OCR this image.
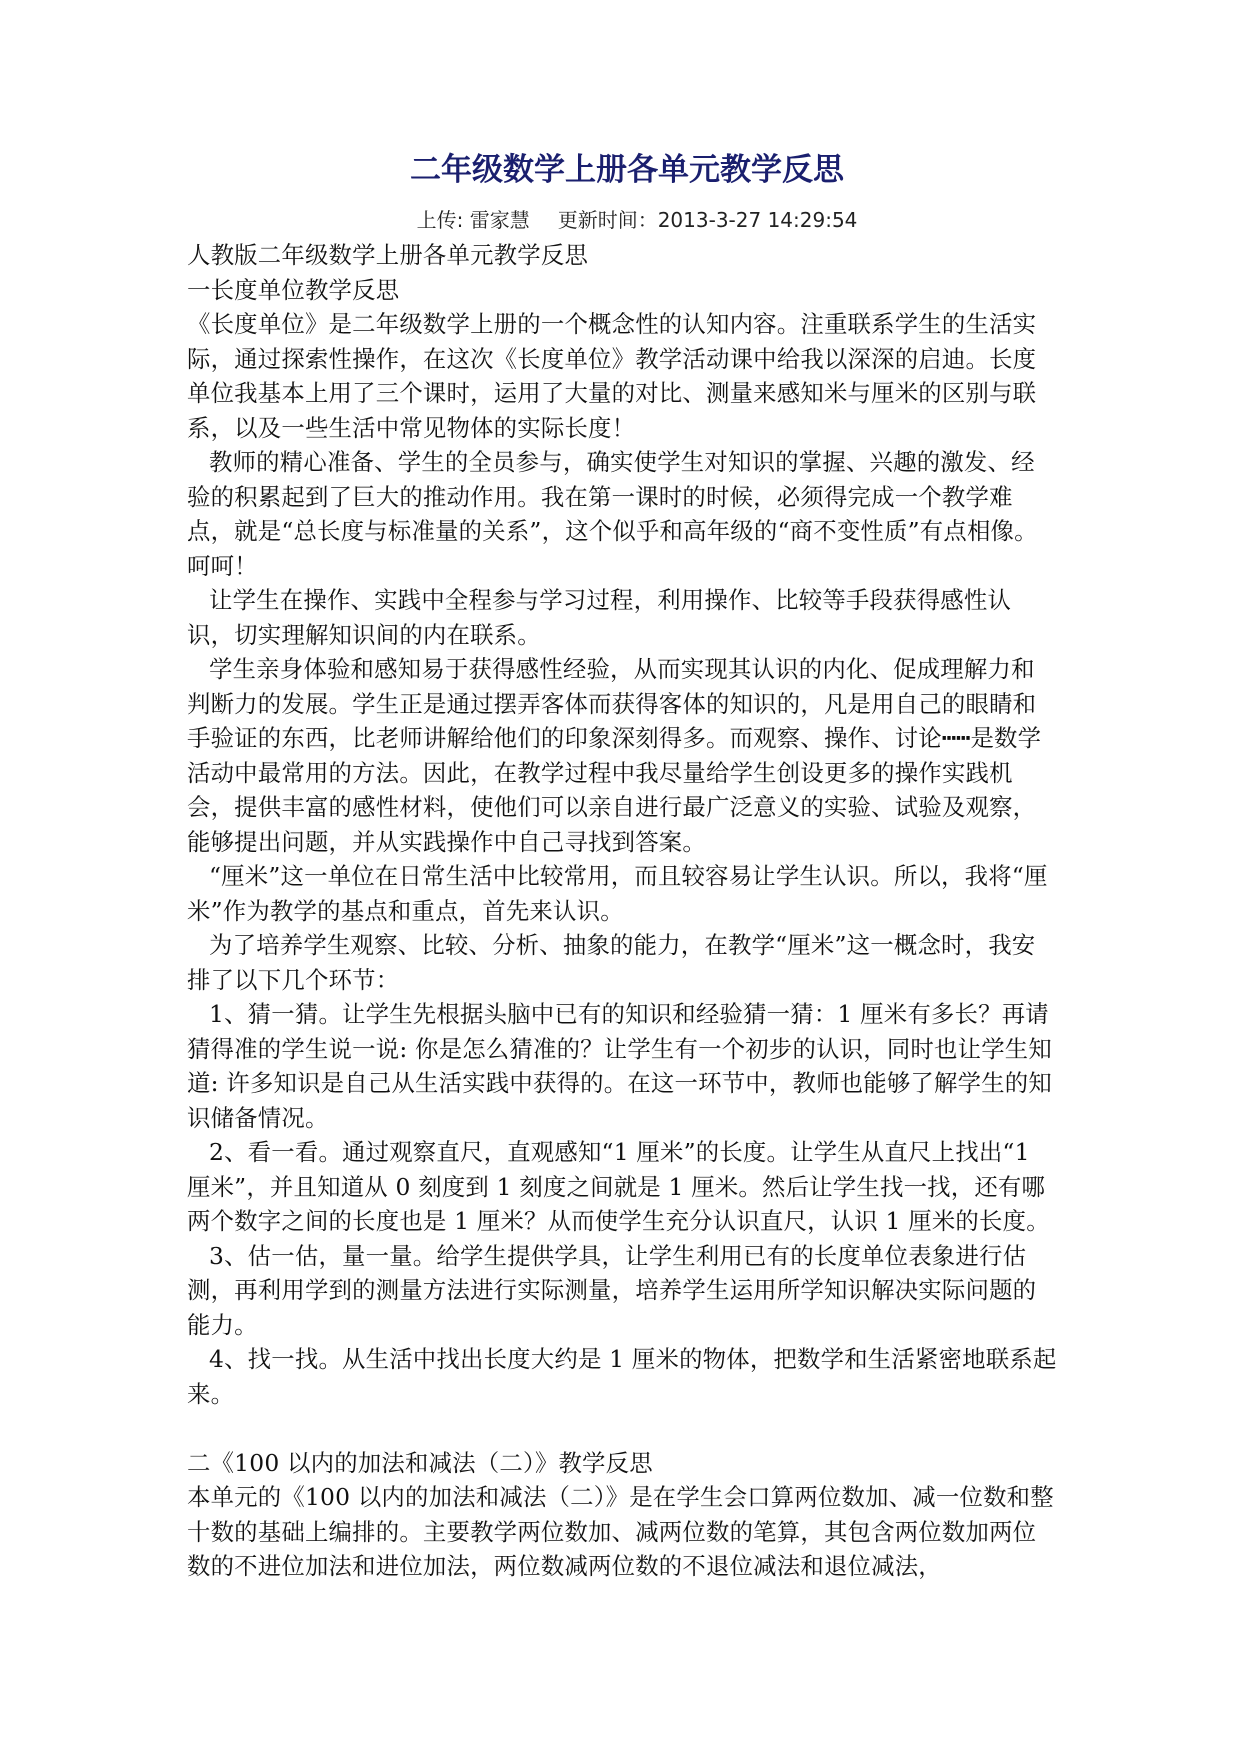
二年级数学上册各单元教学反思
上传: 雷家慧 更新时间：2013-3-27 14:29:54

人教版二年级数学上册各单元教学反思

一长度单位教学反思

《长度单位》是二年级数学上册的一个概念性的认知内容。注重联系学生的生活实际，通过探索性操作，在这次《长度单位》教学活动课中给我以深深的启迪。长度单位我基本上用了三个课时，运用了大量的对比、测量来感知米与厘米的区别与联系，以及一些生活中常见物体的实际长度！

教师的精心准备、学生的全员参与，确实使学生对知识的掌握、兴趣的激发、经验的积累起到了巨大的推动作用。我在第一课时的时候，必须得完成一个教学难点，就是“总长度与标准量的关系”，这个似乎和高年级的“商不变性质”有点相像。呵呵！

让学生在操作、实践中全程参与学习过程，利用操作、比较等手段获得感性认识，切实理解知识间的内在联系。

学生亲身体验和感知易于获得感性经验，从而实现其认识的内化、促成理解力和判断力的发展。学生正是通过摆弄客体而获得客体的知识的，凡是用自己的眼睛和手验证的东西，比老师讲解给他们的印象深刻得多。而观察、操作、讨论┅┅是数学活动中最常用的方法。因此，在教学过程中我尽量给学生创设更多的操作实践机会，提供丰富的感性材料，使他们可以亲自进行最广泛意义的实验、试验及观察，能够提出问题，并从实践操作中自己寻找到答案。

“厘米”这一单位在日常生活中比较常用，而且较容易让学生认识。所以，我将“厘米”作为教学的基点和重点，首先来认识。

为了培养学生观察、比较、分析、抽象的能力，在教学“厘米”这一概念时，我安排了以下几个环节：

1、猜一猜。让学生先根据头脑中已有的知识和经验猜一猜：1 厘米有多长？再请猜得准的学生说一说: 你是怎么猜准的？让学生有一个初步的认识，同时也让学生知道: 许多知识是自己从生活实践中获得的。在这一环节中，教师也能够了解学生的知识储备情况。

2、看一看。通过观察直尺，直观感知“1 厘米”的长度。让学生从直尺上找出“1 厘米”，并且知道从 0 刻度到 1 刻度之间就是 1 厘米。然后让学生找一找，还有哪两个数字之间的长度也是 1 厘米？从而使学生充分认识直尺，认识 1 厘米的长度。

3、估一估，量一量。给学生提供学具，让学生利用已有的长度单位表象进行估测，再利用学到的测量方法进行实际测量，培养学生运用所学知识解决实际问题的能力。

4、找一找。从生活中找出长度大约是 1 厘米的物体，把数学和生活紧密地联系起来。

二《100 以内的加法和减法（二）》教学反思

本单元的《100 以内的加法和减法（二）》是在学生会口算两位数加、减一位数和整十数的基础上编排的。主要教学两位数加、减两位数的笔算，其包含两位数加两位数的不进位加法和进位加法，两位数减两位数的不退位减法和退位减法，
